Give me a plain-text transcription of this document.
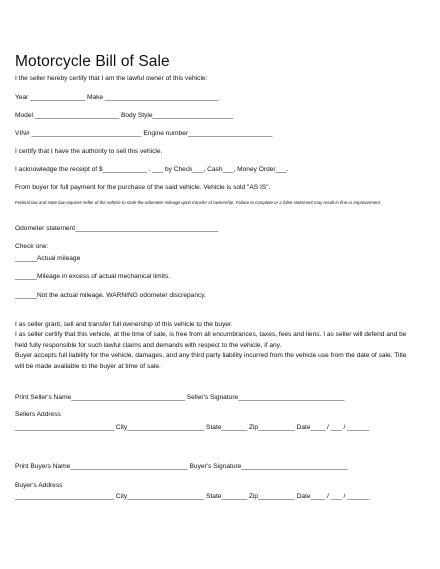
Motorcycle Bill of Sale
I the seller hereby certify that I am the lawful owner of this vehicle:
Year _______________ Make _______________________________
Model _______________________ Body Style______________________
VIN# ______________________________ Engine number_______________________
I certify that I have the authority to sell this vehicle.
I acknowledge the receipt of $____________ . ___ by Check___, Cash___, Money Order___.
From buyer for full payment for the purchase of the said vehicle. Vehicle is sold "AS IS".
Federal law and state law requires seller of the vehicle to state the odometer mileage upon transfer of ownership. Failure to complete or a false statement may result in fine or imprisonment.
Odometer statement_______________________________________
Check one:
______Actual mileage
______Mileage in excess of actual mechanical limits.
______Not the actual mileage. WARNING odometer discrepancy.
I as seller grant, sell and transfer full ownership of this vehicle to the buyer.
I as seller certify that this vehicle, at the time of sale, is free from all encumbrances, taxes, fees and liens. I as seller will defend and be held fully responsible for such lawful claims and demands with respect to the vehicle, if any.
Buyer accepts full liability for the vehicle, damages, and any third party liability incurred from the vehicle use from the date of sale. Title will be made available to the buyer at time of sale.
Print Seller's Name_______________________________ Seller's Signature_____________________________
Sellers Address
___________________________ City_____________________ State_______ Zip__________ Date____ / ___ / ______
Print Buyers Name________________________________ Buyer's Signature_____________________________
Buyer's Address
___________________________ City_____________________ State_______ Zip__________ Date____ / ___ / ______
